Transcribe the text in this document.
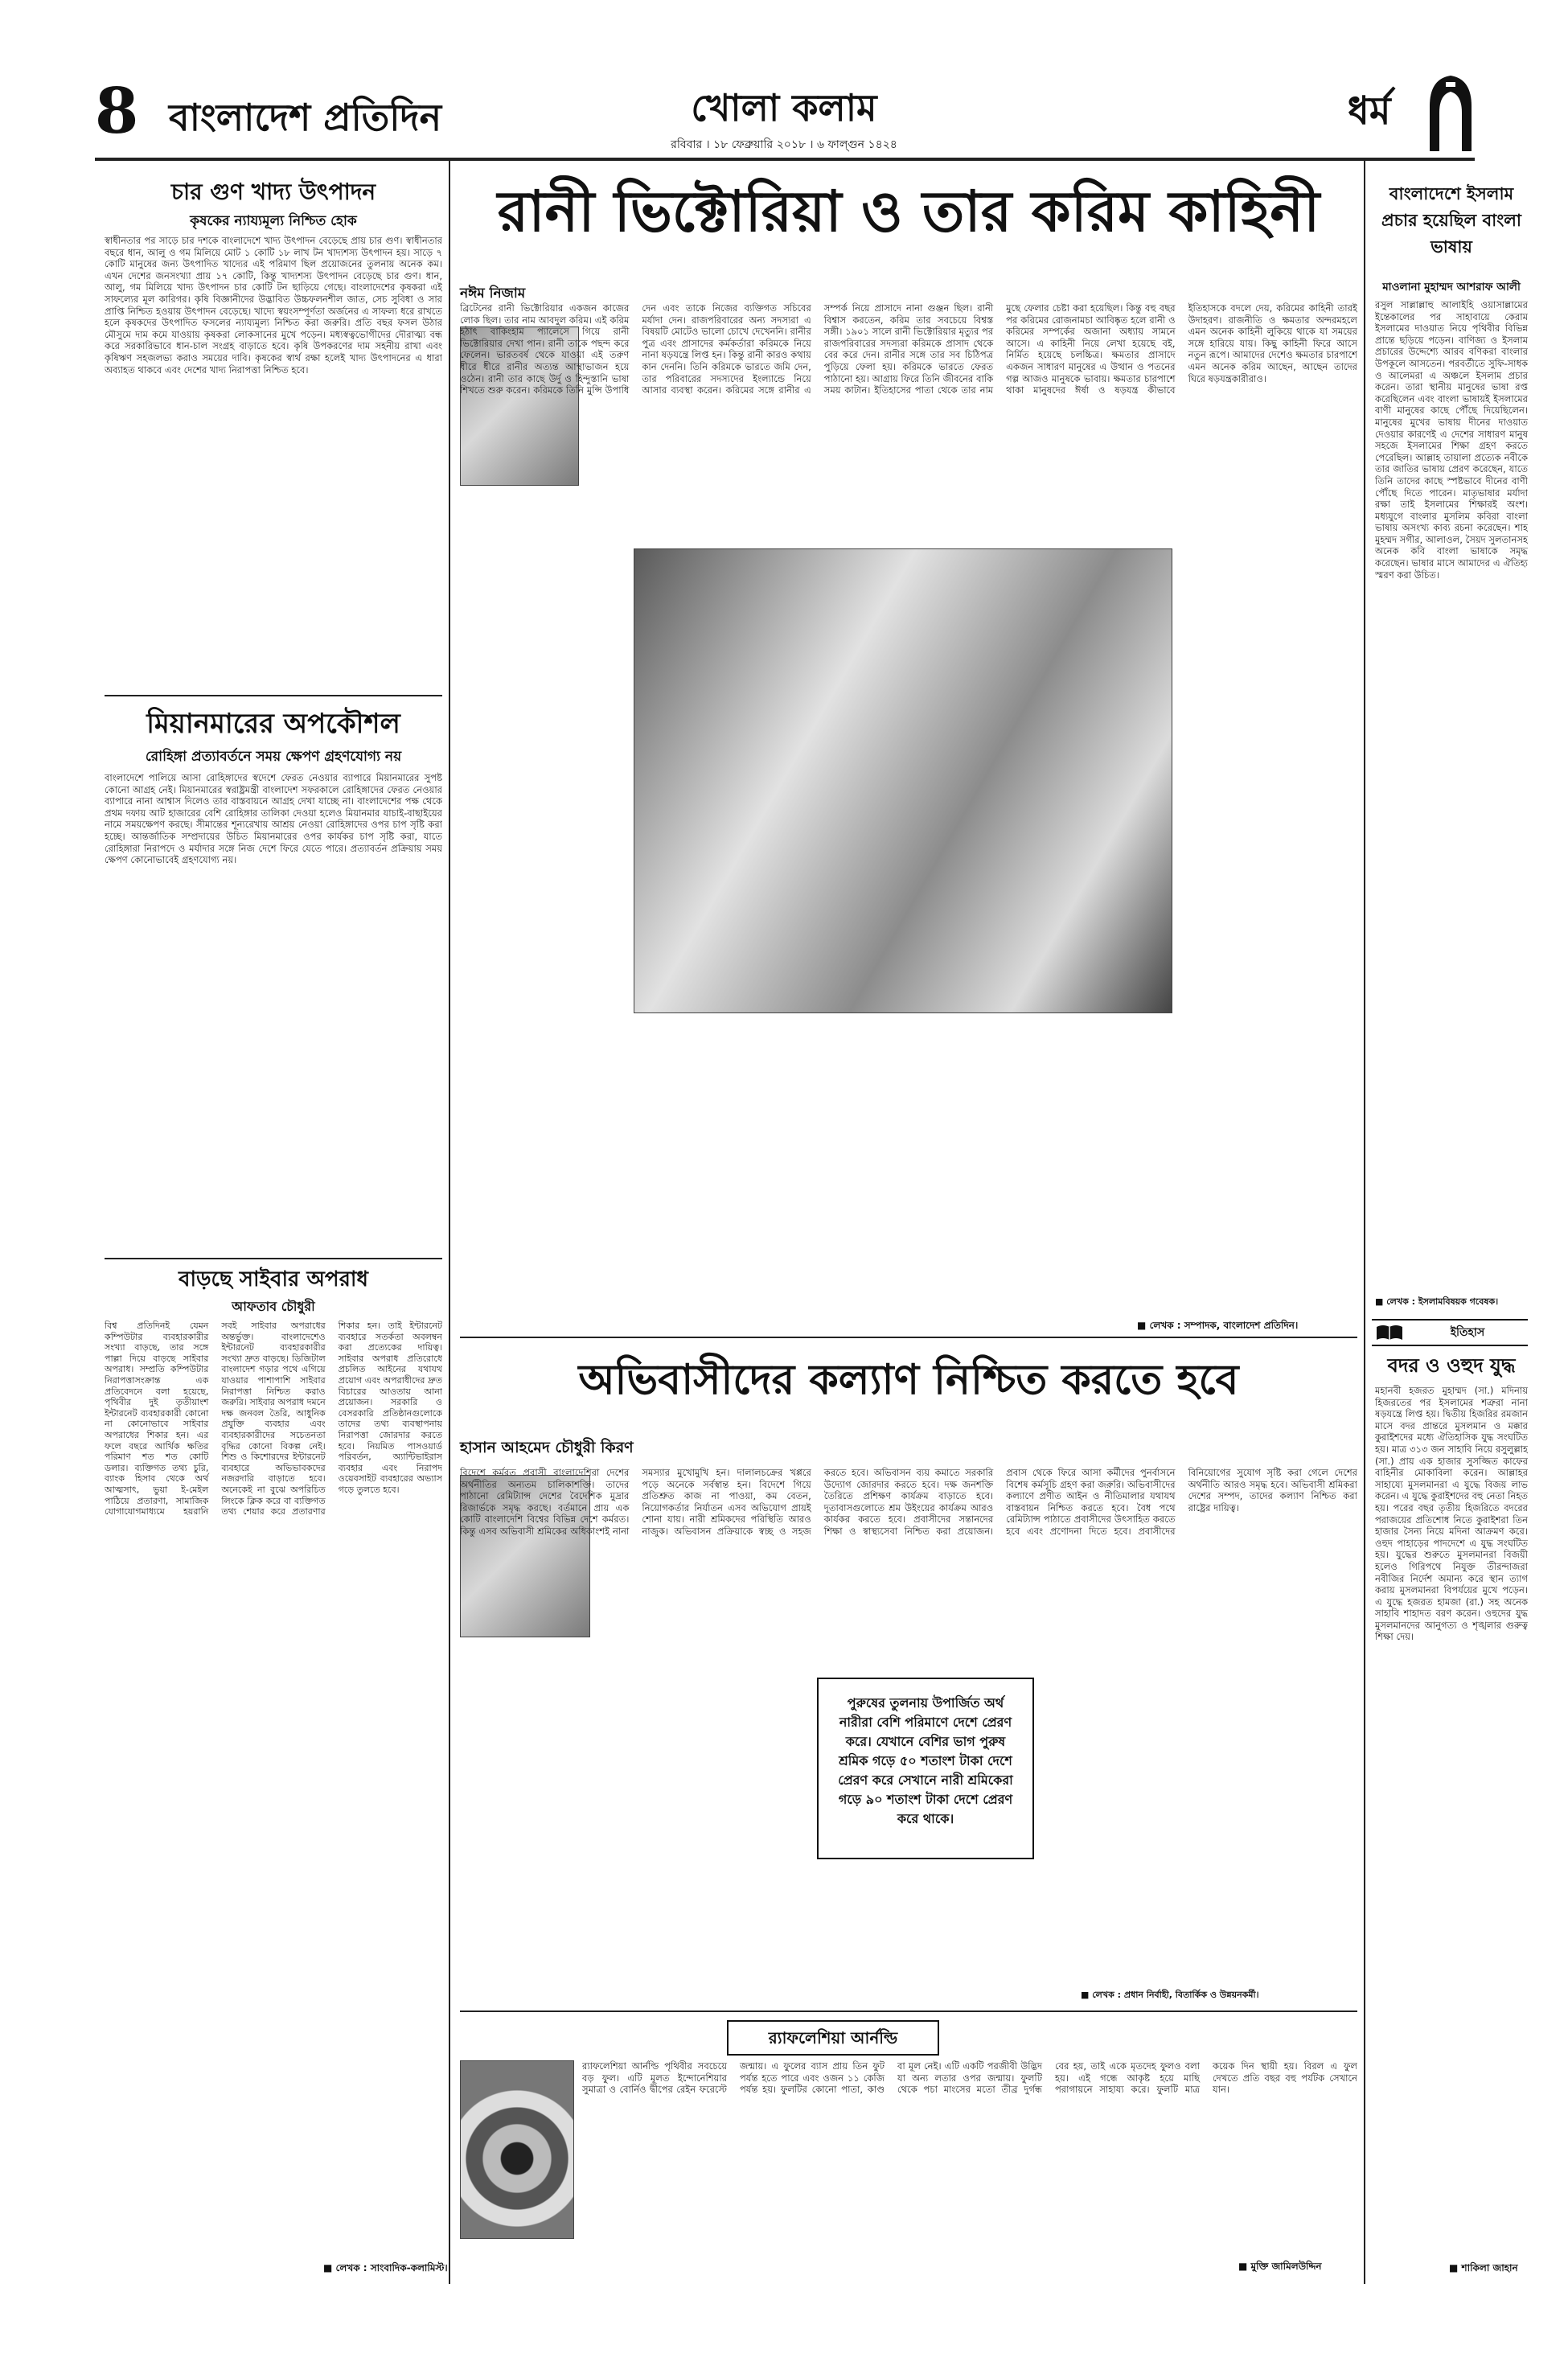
8 বাংলাদেশ প্রতিদিন	খোলা কলাম
রবিবার । ১৮ ফেব্রুয়ারি ২০১৮ । ৬ ফাল্গুন ১৪২৪
ধর্ম
চার গুণ খাদ্য উৎপাদন
কৃষকের ন্যায্যমূল্য নিশ্চিত হোক
স্বাধীনতার পর সাড়ে চার দশকে বাংলাদেশে খাদ্য উৎপাদন বেড়েছে প্রায় চার গুণ। স্বাধীনতার বছরে ধান, আলু ও গম মিলিয়ে মোট ১ কোটি ১৮ লাখ টন খাদ্যশস্য উৎপাদন হয়। সাড়ে ৭ কোটি মানুষের জন্য উৎপাদিত খাদ্যের এই পরিমাণ ছিল প্রয়োজনের তুলনায় অনেক কম। এখন দেশের জনসংখ্যা প্রায় ১৭ কোটি, কিন্তু খাদ্যশস্য উৎপাদন বেড়েছে চার গুণ। ধান, আলু, গম মিলিয়ে খাদ্য উৎপাদন চার কোটি টন ছাড়িয়ে গেছে। বাংলাদেশের কৃষকরা এই সাফল্যের মূল কারিগর। কৃষি বিজ্ঞানীদের উদ্ভাবিত উচ্চফলনশীল জাত, সেচ সুবিধা ও সার প্রাপ্তি নিশ্চিত হওয়ায় উৎপাদন বেড়েছে। খাদ্যে স্বয়ংসম্পূর্ণতা অর্জনের এ সাফল্য ধরে রাখতে হলে কৃষকদের উৎপাদিত ফসলের ন্যায্যমূল্য নিশ্চিত করা জরুরি। প্রতি বছর ফসল উঠার মৌসুমে দাম কমে যাওয়ায় কৃষকরা লোকসানের মুখে পড়েন। মধ্যস্বত্বভোগীদের দৌরাত্ম্য বন্ধ করে সরকারিভাবে ধান-চাল সংগ্রহ বাড়াতে হবে। কৃষি উপকরণের দাম সহনীয় রাখা এবং কৃষিঋণ সহজলভ্য করাও সময়ের দাবি। কৃষকের স্বার্থ রক্ষা হলেই খাদ্য উৎপাদনের এ ধারা অব্যাহত থাকবে এবং দেশের খাদ্য নিরাপত্তা নিশ্চিত হবে।
মিয়ানমারের অপকৌশল
রোহিঙ্গা প্রত্যাবর্তনে সময় ক্ষেপণ গ্রহণযোগ্য নয়
বাংলাদেশে পালিয়ে আসা রোহিঙ্গাদের স্বদেশে ফেরত নেওয়ার ব্যাপারে মিয়ানমারের সুপষ্ট কোনো আগ্রহ নেই। মিয়ানমারের স্বরাষ্ট্রমন্ত্রী বাংলাদেশ সফরকালে রোহিঙ্গাদের ফেরত নেওয়ার ব্যাপারে নানা আশ্বাস দিলেও তার বাস্তবায়নে আগ্রহ দেখা যাচ্ছে না। বাংলাদেশের পক্ষ থেকে প্রথম দফায় আট হাজারের বেশি রোহিঙ্গার তালিকা দেওয়া হলেও মিয়ানমার যাচাই-বাছাইয়ের নামে সময়ক্ষেপণ করছে। সীমান্তের শূন্যরেখায় আশ্রয় নেওয়া রোহিঙ্গাদের ওপর চাপ সৃষ্টি করা হচ্ছে। আন্তর্জাতিক সম্প্রদায়ের উচিত মিয়ানমারের ওপর কার্যকর চাপ সৃষ্টি করা, যাতে রোহিঙ্গারা নিরাপদে ও মর্যাদার সঙ্গে নিজ দেশে ফিরে যেতে পারে। প্রত্যাবর্তন প্রক্রিয়ায় সময় ক্ষেপণ কোনোভাবেই গ্রহণযোগ্য নয়।
বাড়ছে সাইবার অপরাধ
আফতাব চৌধুরী
বিশ্ব প্রতিদিনই যেমন কম্পিউটার ব্যবহারকারীর সংখ্যা বাড়ছে, তার সঙ্গে পাল্লা দিয়ে বাড়ছে সাইবার অপরাধ। সম্প্রতি কম্পিউটার নিরাপত্তাসংক্রান্ত এক প্রতিবেদনে বলা হয়েছে, পৃথিবীর দুই তৃতীয়াংশ ইন্টারনেট ব্যবহারকারী কোনো না কোনোভাবে সাইবার অপরাধের শিকার হন। এর ফলে বছরে আর্থিক ক্ষতির পরিমাণ শত শত কোটি ডলার। ব্যক্তিগত তথ্য চুরি, ব্যাংক হিসাব থেকে অর্থ আত্মসাৎ, ভুয়া ই-মেইল পাঠিয়ে প্রতারণা, সামাজিক যোগাযোগমাধ্যমে হয়রানি সবই সাইবার অপরাধের অন্তর্ভুক্ত। বাংলাদেশেও ইন্টারনেট ব্যবহারকারীর সংখ্যা দ্রুত বাড়ছে। ডিজিটাল বাংলাদেশ গড়ার পথে এগিয়ে যাওয়ার পাশাপাশি সাইবার নিরাপত্তা নিশ্চিত করাও জরুরি। সাইবার অপরাধ দমনে দক্ষ জনবল তৈরি, আধুনিক প্রযুক্তি ব্যবহার এবং ব্যবহারকারীদের সচেতনতা বৃদ্ধির কোনো বিকল্প নেই। শিশু ও কিশোরদের ইন্টারনেট ব্যবহারে অভিভাবকদের নজরদারি বাড়াতে হবে। অনেকেই না বুঝে অপরিচিত লিংকে ক্লিক করে বা ব্যক্তিগত তথ্য শেয়ার করে প্রতারণার শিকার হন। তাই ইন্টারনেট ব্যবহারে সতর্কতা অবলম্বন করা প্রত্যেকের দায়িত্ব। সাইবার অপরাধ প্রতিরোধে প্রচলিত আইনের যথাযথ প্রয়োগ এবং অপরাধীদের দ্রুত বিচারের আওতায় আনা প্রয়োজন। সরকারি ও বেসরকারি প্রতিষ্ঠানগুলোকে তাদের তথ্য ব্যবস্থাপনায় নিরাপত্তা জোরদার করতে হবে। নিয়মিত পাসওয়ার্ড পরিবর্তন, অ্যান্টিভাইরাস ব্যবহার এবং নিরাপদ ওয়েবসাইট ব্যবহারের অভ্যাস গড়ে তুলতে হবে।
■ লেখক : সাংবাদিক-কলামিস্ট।
রানী ভিক্টোরিয়া ও তার করিম কাহিনী
নঈম নিজাম
ব্রিটেনের রানী ভিক্টোরিয়ার একজন কাজের লোক ছিল। তার নাম আবদুল করিম। এই করিম হঠাৎ বাকিংহাম প্যালেসে গিয়ে রানী ভিক্টোরিয়ার দেখা পান। রানী তাকে পছন্দ করে ফেলেন। ভারতবর্ষ থেকে যাওয়া এই তরুণ ধীরে ধীরে রানীর অত্যন্ত আস্থাভাজন হয়ে ওঠেন। রানী তার কাছে উর্দু ও হিন্দুস্তানি ভাষা শিখতে শুরু করেন। করিমকে তিনি মুন্সি উপাধি দেন এবং তাকে নিজের ব্যক্তিগত সচিবের মর্যাদা দেন। রাজপরিবারের অন্য সদস্যরা এ বিষয়টি মোটেও ভালো চোখে দেখেননি। রানীর পুত্র এবং প্রাসাদের কর্মকর্তারা করিমকে নিয়ে নানা ষড়যন্ত্রে লিপ্ত হন। কিন্তু রানী কারও কথায় কান দেননি। তিনি করিমকে ভারতে জমি দেন, তার পরিবারের সদস্যদের ইংল্যান্ডে নিয়ে আসার ব্যবস্থা করেন। করিমের সঙ্গে রানীর এ সম্পর্ক নিয়ে প্রাসাদে নানা গুঞ্জন ছিল। রানী বিশ্বাস করতেন, করিম তার সবচেয়ে বিশ্বস্ত সঙ্গী। ১৯০১ সালে রানী ভিক্টোরিয়ার মৃত্যুর পর রাজপরিবারের সদস্যরা করিমকে প্রাসাদ থেকে বের করে দেন। রানীর সঙ্গে তার সব চিঠিপত্র পুড়িয়ে ফেলা হয়। করিমকে ভারতে ফেরত পাঠানো হয়। আগ্রায় ফিরে তিনি জীবনের বাকি সময় কাটান। ইতিহাসের পাতা থেকে তার নাম মুছে ফেলার চেষ্টা করা হয়েছিল। কিন্তু বহু বছর পর করিমের রোজনামচা আবিষ্কৃত হলে রানী ও করিমের সম্পর্কের অজানা অধ্যায় সামনে আসে। এ কাহিনী নিয়ে লেখা হয়েছে বই, নির্মিত হয়েছে চলচ্চিত্র। ক্ষমতার প্রাসাদে একজন সাধারণ মানুষের এ উত্থান ও পতনের গল্প আজও মানুষকে ভাবায়। ক্ষমতার চারপাশে থাকা মানুষদের ঈর্ষা ও ষড়যন্ত্র কীভাবে ইতিহাসকে বদলে দেয়, করিমের কাহিনী তারই উদাহরণ। রাজনীতি ও ক্ষমতার অন্দরমহলে এমন অনেক কাহিনী লুকিয়ে থাকে যা সময়ের সঙ্গে হারিয়ে যায়। কিছু কাহিনী ফিরে আসে নতুন রূপে। আমাদের দেশেও ক্ষমতার চারপাশে এমন অনেক করিম আছেন, আছেন তাদের ঘিরে ষড়যন্ত্রকারীরাও।
■ লেখক : সম্পাদক, বাংলাদেশ প্রতিদিন।
অভিবাসীদের কল্যাণ নিশ্চিত করতে হবে
হাসান আহমেদ চৌধুরী কিরণ
বিদেশে কর্মরত প্রবাসী বাংলাদেশিরা দেশের অর্থনীতির অন্যতম চালিকাশক্তি। তাদের পাঠানো রেমিট্যান্স দেশের বৈদেশিক মুদ্রার রিজার্ভকে সমৃদ্ধ করছে। বর্তমানে প্রায় এক কোটি বাংলাদেশি বিশ্বের বিভিন্ন দেশে কর্মরত। কিন্তু এসব অভিবাসী শ্রমিকের অধিকাংশই নানা সমস্যার মুখোমুখি হন। দালালচক্রের খপ্পরে পড়ে অনেকে সর্বস্বান্ত হন। বিদেশে গিয়ে প্রতিশ্রুত কাজ না পাওয়া, কম বেতন, নিয়োগকর্তার নির্যাতন এসব অভিযোগ প্রায়ই শোনা যায়। নারী শ্রমিকদের পরিস্থিতি আরও নাজুক। অভিবাসন প্রক্রিয়াকে স্বচ্ছ ও সহজ করতে হবে। অভিবাসন ব্যয় কমাতে সরকারি উদ্যোগ জোরদার করতে হবে। দক্ষ জনশক্তি তৈরিতে প্রশিক্ষণ কার্যক্রম বাড়াতে হবে। দূতাবাসগুলোতে শ্রম উইংয়ের কার্যক্রম আরও কার্যকর করতে হবে। প্রবাসীদের সন্তানদের শিক্ষা ও স্বাস্থ্যসেবা নিশ্চিত করা প্রয়োজন। প্রবাস থেকে ফিরে আসা কর্মীদের পুনর্বাসনে বিশেষ কর্মসূচি গ্রহণ করা জরুরি। অভিবাসীদের কল্যাণে প্রণীত আইন ও নীতিমালার যথাযথ বাস্তবায়ন নিশ্চিত করতে হবে। বৈধ পথে রেমিট্যান্স পাঠাতে প্রবাসীদের উৎসাহিত করতে হবে এবং প্রণোদনা দিতে হবে। প্রবাসীদের বিনিয়োগের সুযোগ সৃষ্টি করা গেলে দেশের অর্থনীতি আরও সমৃদ্ধ হবে। অভিবাসী শ্রমিকরা দেশের সম্পদ, তাদের কল্যাণ নিশ্চিত করা রাষ্ট্রের দায়িত্ব।
পুরুষের তুলনায় উপার্জিত অর্থ নারীরা বেশি পরিমাণে দেশে প্রেরণ করে। যেখানে বেশির ভাগ পুরুষ শ্রমিক গড়ে ৫০ শতাংশ টাকা দেশে প্রেরণ করে সেখানে নারী শ্রমিকেরা গড়ে ৯০ শতাংশ টাকা দেশে প্রেরণ করে থাকে।
■ লেখক : প্রধান নির্বাহী, বিতার্কিক ও উন্নয়নকর্মী।
র‍্যাফলেশিয়া আর্নল্ডি
র‍্যাফলেশিয়া আর্নল্ডি পৃথিবীর সবচেয়ে বড় ফুল। এটি মূলত ইন্দোনেশিয়ার সুমাত্রা ও বোর্নিও দ্বীপের রেইন ফরেস্টে জন্মায়। এ ফুলের ব্যাস প্রায় তিন ফুট পর্যন্ত হতে পারে এবং ওজন ১১ কেজি পর্যন্ত হয়। ফুলটির কোনো পাতা, কাণ্ড বা মূল নেই। এটি একটি পরজীবী উদ্ভিদ যা অন্য লতার ওপর জন্মায়। ফুলটি থেকে পচা মাংসের মতো তীব্র দুর্গন্ধ বের হয়, তাই একে মৃতদেহ ফুলও বলা হয়। এই গন্ধে আকৃষ্ট হয়ে মাছি পরাগায়নে সাহায্য করে। ফুলটি মাত্র কয়েক দিন স্থায়ী হয়। বিরল এ ফুল দেখতে প্রতি বছর বহু পর্যটক সেখানে যান।
■ মুক্তি জামিলউদ্দিন
বাংলাদেশে ইসলাম প্রচার হয়েছিল বাংলা ভাষায়
মাওলানা মুহাম্মদ আশরাফ আলী
রসুল সাল্লাল্লাহু আলাইহি ওয়াসাল্লামের ইন্তেকালের পর সাহাবায়ে কেরাম ইসলামের দাওয়াত নিয়ে পৃথিবীর বিভিন্ন প্রান্তে ছড়িয়ে পড়েন। বাণিজ্য ও ইসলাম প্রচারের উদ্দেশ্যে আরব বণিকরা বাংলার উপকূলে আসতেন। পরবর্তীতে সুফি-সাধক ও আলেমরা এ অঞ্চলে ইসলাম প্রচার করেন। তারা স্থানীয় মানুষের ভাষা রপ্ত করেছিলেন এবং বাংলা ভাষায়ই ইসলামের বাণী মানুষের কাছে পৌঁছে দিয়েছিলেন। মানুষের মুখের ভাষায় দীনের দাওয়াত দেওয়ার কারণেই এ দেশের সাধারণ মানুষ সহজে ইসলামের শিক্ষা গ্রহণ করতে পেরেছিল। আল্লাহ তায়ালা প্রত্যেক নবীকে তার জাতির ভাষায় প্রেরণ করেছেন, যাতে তিনি তাদের কাছে স্পষ্টভাবে দীনের বাণী পৌঁছে দিতে পারেন। মাতৃভাষার মর্যাদা রক্ষা তাই ইসলামের শিক্ষারই অংশ। মধ্যযুগে বাংলার মুসলিম কবিরা বাংলা ভাষায় অসংখ্য কাব্য রচনা করেছেন। শাহ মুহম্মদ সগীর, আলাওল, সৈয়দ সুলতানসহ অনেক কবি বাংলা ভাষাকে সমৃদ্ধ করেছেন। ভাষার মাসে আমাদের এ ঐতিহ্য স্মরণ করা উচিত।
■ লেখক : ইসলামবিষয়ক গবেষক।
ইতিহাস
বদর ও ওহুদ যুদ্ধ
মহানবী হজরত মুহাম্মদ (সা.) মদিনায় হিজরতের পর ইসলামের শত্রুরা নানা ষড়যন্ত্রে লিপ্ত হয়। দ্বিতীয় হিজরির রমজান মাসে বদর প্রান্তরে মুসলমান ও মক্কার কুরাইশদের মধ্যে ঐতিহাসিক যুদ্ধ সংঘটিত হয়। মাত্র ৩১৩ জন সাহাবি নিয়ে রসুলুল্লাহ (সা.) প্রায় এক হাজার সুসজ্জিত কাফের বাহিনীর মোকাবিলা করেন। আল্লাহর সাহায্যে মুসলমানরা এ যুদ্ধে বিজয় লাভ করেন। এ যুদ্ধে কুরাইশদের বহু নেতা নিহত হয়। পরের বছর তৃতীয় হিজরিতে বদরের পরাজয়ের প্রতিশোধ নিতে কুরাইশরা তিন হাজার সৈন্য নিয়ে মদিনা আক্রমণ করে। ওহুদ পাহাড়ের পাদদেশে এ যুদ্ধ সংঘটিত হয়। যুদ্ধের শুরুতে মুসলমানরা বিজয়ী হলেও গিরিপথে নিযুক্ত তীরন্দাজরা নবীজির নির্দেশ অমান্য করে স্থান ত্যাগ করায় মুসলমানরা বিপর্যয়ের মুখে পড়েন। এ যুদ্ধে হজরত হামজা (রা.) সহ অনেক সাহাবি শাহাদত বরণ করেন। ওহুদের যুদ্ধ মুসলমানদের আনুগত্য ও শৃঙ্খলার গুরুত্ব শিক্ষা দেয়।
■ শাকিলা জাহান
